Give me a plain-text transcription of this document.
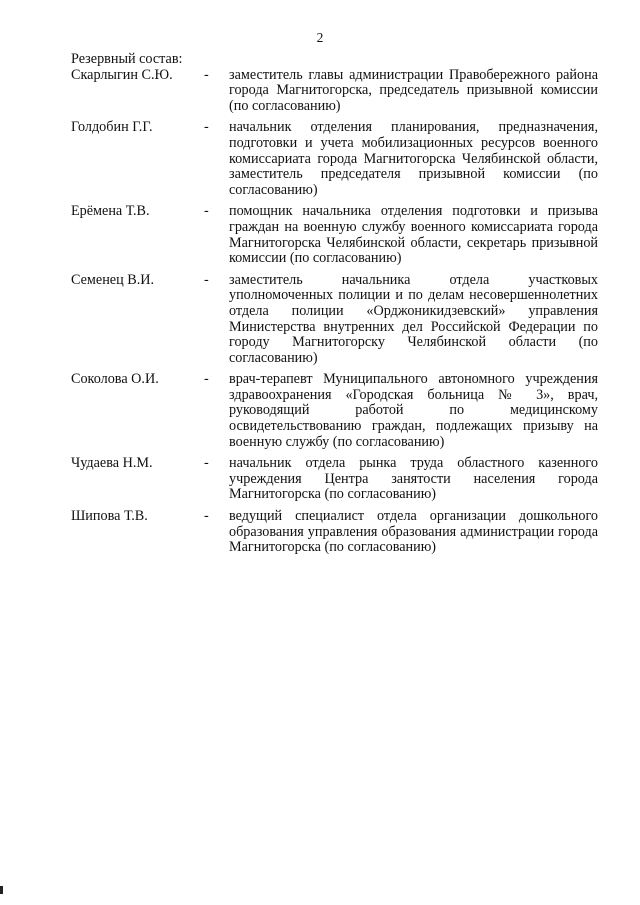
2
Резервный состав:
Скарлыгин С.Ю. - заместитель главы администрации Правобережного района города Магнитогорска, председатель призывной комиссии (по согласованию)
Голдобин Г.Г.	- начальник отделения планирования, предназначения, подготовки и учета мобилизационных ресурсов военного комиссариата города Магнитогорска Челябинской области, заместитель председателя призывной комиссии (по согласованию)
Ерёмена Т.В.	- помощник начальника отделения подготовки и призыва граждан на военную службу военного комиссариата города Магнитогорска Челябинской области, секретарь призывной комиссии (по согласованию)
Семенец В.И.	- заместитель начальника отдела участковых уполномоченных полиции и по делам несовершеннолетних отдела полиции «Орджоникидзевский» управления Министерства внутренних дел Российской Федерации по городу Магнитогорску Челябинской области (по согласованию)
Соколова О.И.	- врач-терапевт Муниципального автономного учреждения здравоохранения «Городская больница № 3», врач, руководящий работой по медицинскому освидетельствованию граждан, подлежащих призыву на военную службу (по согласованию)
Чудаева Н.М.	- начальник отдела рынка труда областного казенного учреждения Центра занятости населения города Магнитогорска (по согласованию)
Шипова Т.В.	- ведущий специалист отдела организации дошкольного образования управления образования администрации города Магнитогорска (по согласованию)
